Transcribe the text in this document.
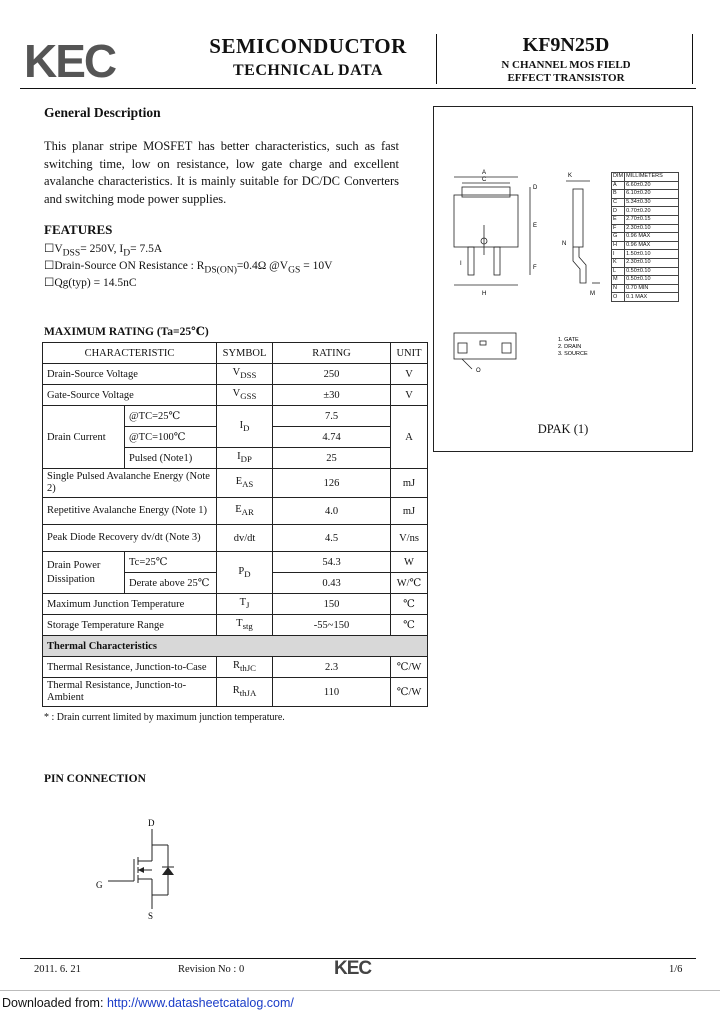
KEC	SEMICONDUCTOR
TECHNICAL DATA
KF9N25D
N CHANNEL MOS FIELD
EFFECT TRANSISTOR
General Description
This planar stripe MOSFET has better characteristics, such as fast switching time, low on resistance, low gate charge and excellent avalanche characteristics. It is mainly suitable for DC/DC Converters and switching mode power supplies.
FEATURES
$☐V_{DSS}= 250V$, $I_D= 7.5A$
☐Drain-Source ON Resistance : $R_{DS(ON)}=0.4\Omega$ $@V_{GS} = 10V$
☐Qg(typ) = 14.5nC
MAXIMUM RATING (Ta=25℃)
CHARACTERISTIC		SYMBOL	RATING	UNIT
Drain-Source Voltage		$V_{DSS}$	250	V
Gate-Source Voltage		$V_{GSS}$	±30	V
Drain Current	@TC=25℃	$I_D$	7.5	A
	@TC=100℃		4.74	
	Pulsed (Note1)	$I_{DP}$	25	
Single Pulsed Avalanche Energy (Note 2)		$E_{AS}$	126	mJ
Repetitive Avalanche Energy (Note 1)		$E_{AR}$	4.0	mJ
Peak Diode Recovery dv/dt (Note 3)		dv/dt	4.5	V/ns
Drain Power Dissipation	Tc=25℃	$P_D$	54.3	W
	Derate above 25℃		0.43	W/℃
Maximum Junction Temperature		$T_J$	150	℃
Storage Temperature Range		$T_{stg}$	-55~150	℃
Thermal Characteristics				
Thermal Resistance, Junction-to-Case		$R_{thJC}$	2.3	℃/W
Thermal Resistance, Junction-to-Ambient		$R_{thJA}$	110	℃/W
* : Drain current limited by maximum junction temperature.
A
C
D
E
F
H
I
K
M
N
O
1. GATE
2. DRAIN
3. SOURCE
DIM	MILLIMETERS
A	6.60±0.20
B	6.10±0.20
C	5.34±0.30
D	0.70±0.20
E	2.70±0.15
F	2.30±0.10
G	0.96 MAX
H	0.96 MAX
I	1.50±0.10
K	2.30±0.10
L	0.50±0.10
M	0.50±0.10
N	0.70 MIN
O	0.1 MAX
DPAK (1)
PIN CONNECTION
D
G
S
2011. 6. 21	Revision No : 0	KEC	1/6
Downloaded from: http://www.datasheetcatalog.com/
